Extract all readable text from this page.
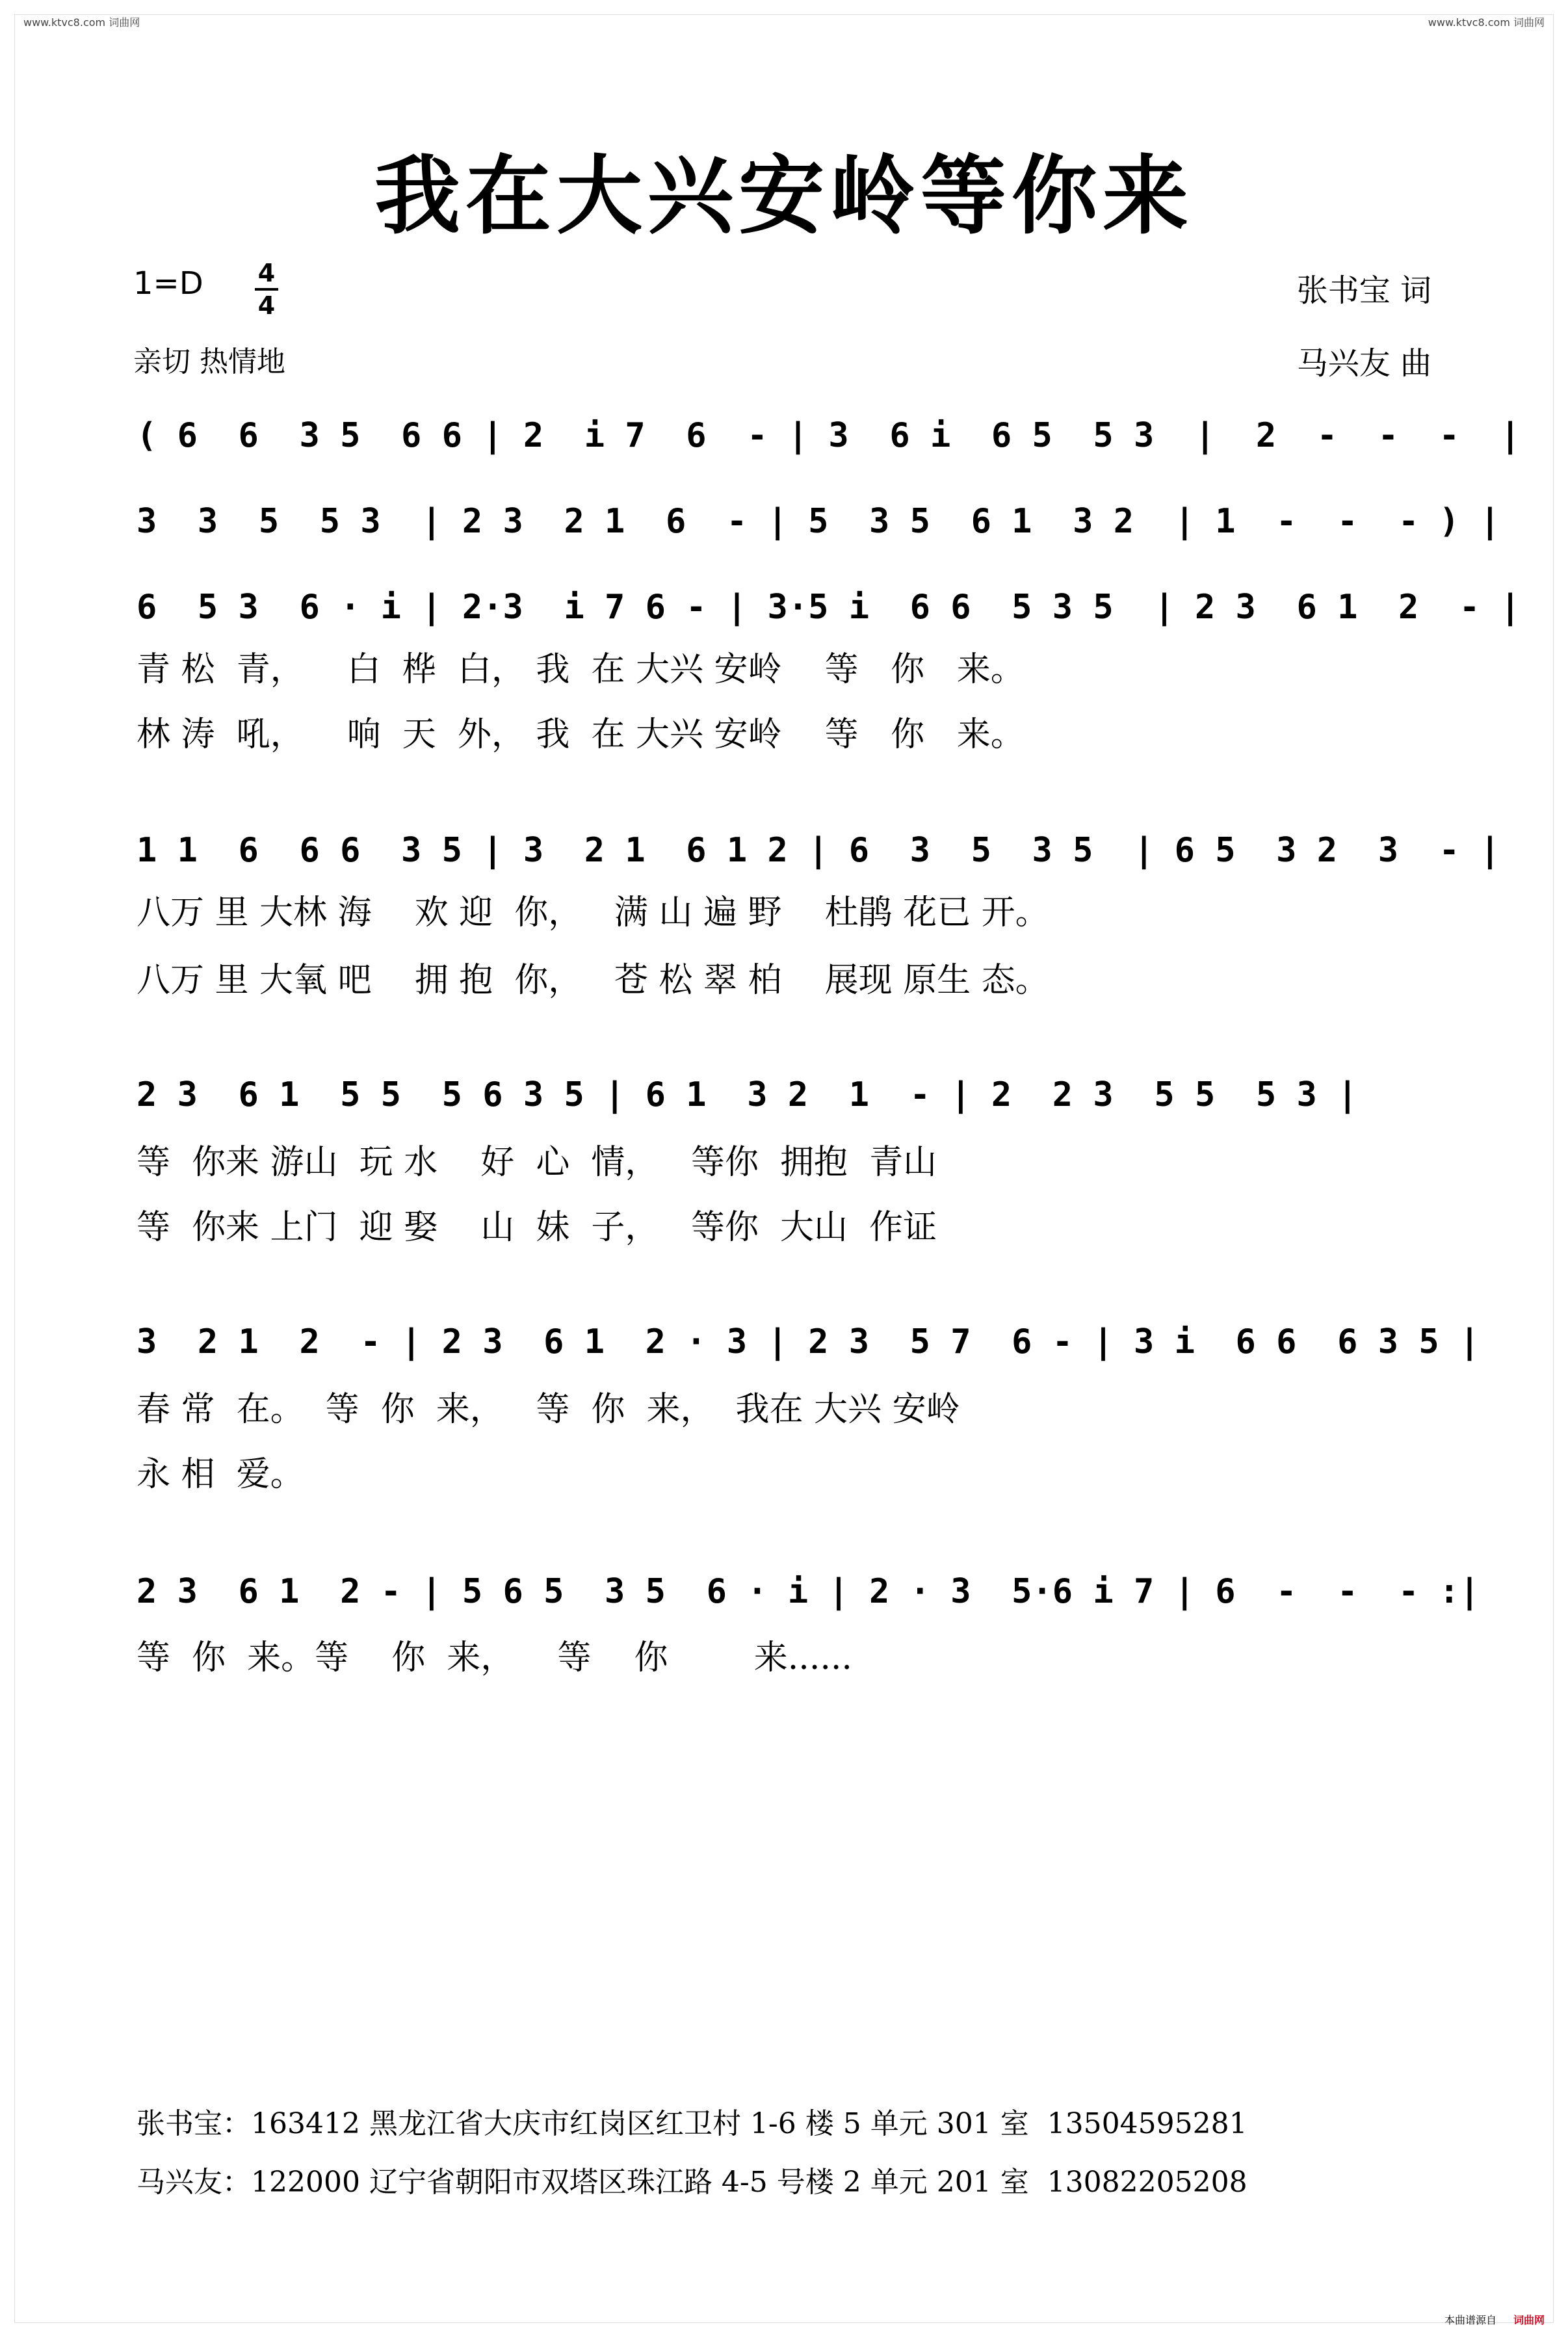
www.ktvc8.com 词曲网	www.ktvc8.com 词曲网
我在大兴安岭等你来
1=D 4
4
亲切 热情地
张书宝 词
马兴友 曲
( 6  6  3 5  6 6 | 2  i 7  6  - | 3  6 i  6 5  5 3  |  2  -  -  -  |
3  3  5  5 3  | 2 3  2 1  6  - | 5  3 5  6 1  3 2  | 1  -  -  - ) |
6  5 3  6 · i | 2·3  i 7 6 - | 3·5 i  6 6  5 3 5  | 2 3  6 1  2  - |
青 松  青，    白  桦  白， 我  在 大兴 安岭    等   你   来。
林 涛  吼，    响  天  外， 我  在 大兴 安岭    等   你   来。
1 1  6  6 6  3 5 | 3  2 1  6 1 2 | 6  3  5  3 5  | 6 5  3 2  3  - |
八万 里 大林 海    欢 迎  你，   满 山 遍 野    杜鹃 花已 开。
八万 里 大氧 吧    拥 抱  你，   苍 松 翠 柏    展现 原生 态。
2 3  6 1  5 5  5 6 3 5 | 6 1  3 2  1  - | 2  2 3  5 5  5 3 |
等  你来 游山  玩 水    好  心  情，   等你  拥抱  青山
等  你来 上门  迎 娶    山  妹  子，   等你  大山  作证
3  2 1  2  - | 2 3  6 1  2 · 3 | 2 3  5 7  6 - | 3 i  6 6  6 3 5 |
春 常  在。  等  你  来，   等  你  来，  我在 大兴 安岭
永 相  爱。
2 3  6 1  2 - | 5 6 5  3 5  6 · i | 2 · 3  5·6 i 7 | 6  -  -  - :|
等  你  来。等    你  来，    等    你        来......
张书宝：163412 黑龙江省大庆市红岗区红卫村 1-6 楼 5 单元 301 室  13504595281
马兴友：122000 辽宁省朝阳市双塔区珠江路 4-5 号楼 2 单元 201 室  13082205208
本曲谱源自 词曲网
